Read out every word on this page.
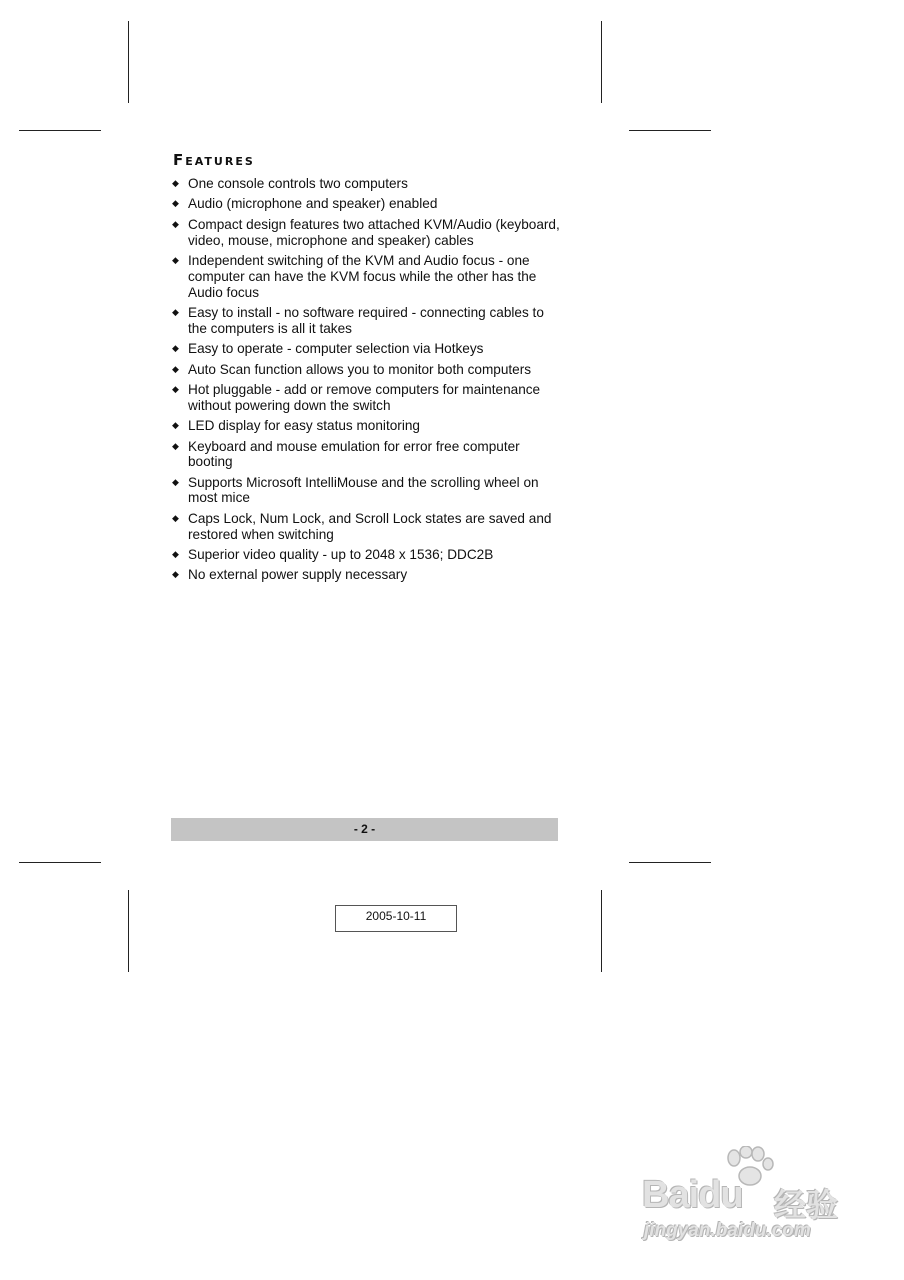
Features
◆ One console controls two computers
◆ Audio (microphone and speaker) enabled
◆ Compact design features two attached KVM/Audio (keyboard, video, mouse, microphone and speaker) cables
◆ Independent switching of the KVM and Audio focus - one computer can have the KVM focus while the other has the Audio focus
◆ Easy to install - no software required - connecting cables to the computers is all it takes
◆ Easy to operate - computer selection via Hotkeys
◆ Auto Scan function allows you to monitor both computers
◆ Hot pluggable - add or remove computers for maintenance without powering down the switch
◆ LED display for easy status monitoring
◆ Keyboard and mouse emulation for error free computer booting
◆ Supports Microsoft IntelliMouse and the scrolling wheel on most mice
◆ Caps Lock, Num Lock, and Scroll Lock states are saved and restored when switching
◆ Superior video quality - up to 2048 x 1536; DDC2B
◆ No external power supply necessary
- 2 -
2005-10-11
Baidu 经验
jingyan.baidu.com
